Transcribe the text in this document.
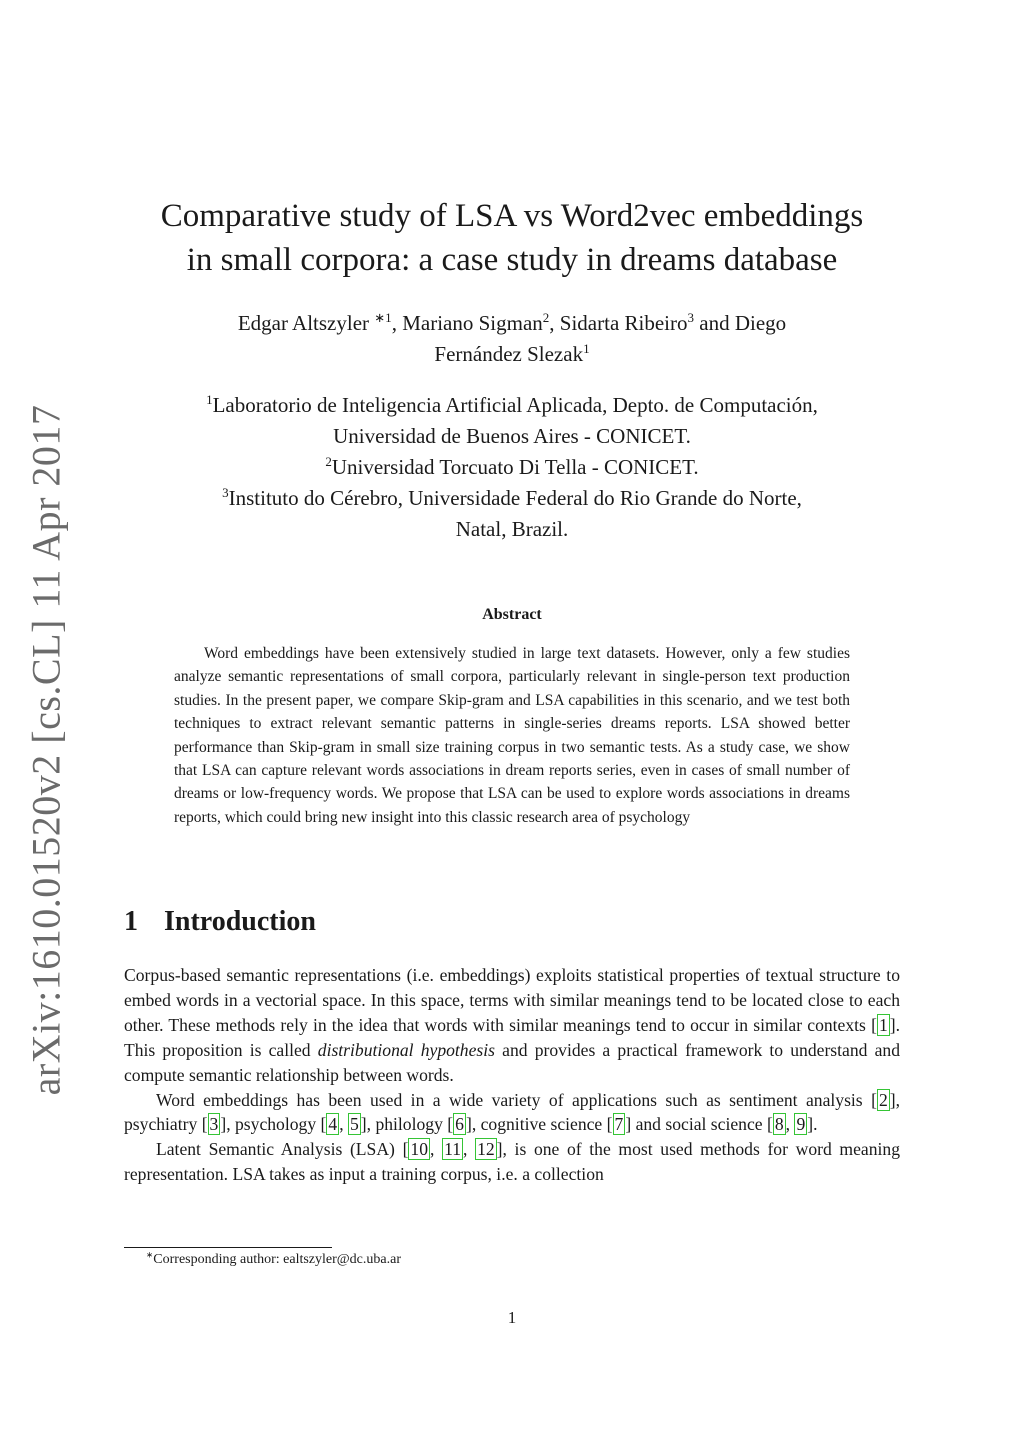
arXiv:1610.01520v2 [cs.CL] 11 Apr 2017
Comparative study of LSA vs Word2vec embeddings
in small corpora: a case study in dreams database
Edgar Altszyler $^{∗1}$, Mariano Sigman$^2$, Sidarta Ribeiro$^3$ and Diego
Fernández Slezak$^1$
$^1$Laboratorio de Inteligencia Artificial Aplicada, Depto. de Computación,
Universidad de Buenos Aires - CONICET.
$^2$Universidad Torcuato Di Tella - CONICET.
$^3$Instituto do Cérebro, Universidade Federal do Rio Grande do Norte,
Natal, Brazil.
Abstract

Word embeddings have been extensively studied in large text datasets. However, only a few studies analyze semantic representations of small corpora, particularly relevant in single-person text production studies. In the present paper, we compare Skip-gram and LSA capabilities in this scenario, and we test both techniques to extract relevant semantic patterns in single-series dreams reports. LSA showed better performance than Skip-gram in small size training corpus in two semantic tests. As a study case, we show that LSA can capture relevant words associations in dream reports series, even in cases of small number of dreams or low-frequency words. We propose that LSA can be used to explore words associations in dreams reports, which could bring new insight into this classic research area of psychology

1 Introduction

Corpus-based semantic representations (i.e. embeddings) exploits statistical properties of textual structure to embed words in a vectorial space. In this space, terms with similar meanings tend to be located close to each other. These methods rely in the idea that words with similar meanings tend to occur in similar contexts [ 1 ]. This proposition is called distributional hypothesis and provides a practical framework to understand and compute semantic relationship between words.

Word embeddings has been used in a wide variety of applications such as sentiment analysis [ 2 ], psychiatry [ 3 ], psychology [ 4 , 5 ], philology [ 6 ], cognitive science [ 7 ] and social science [ 8 , 9 ].

Latent Semantic Analysis (LSA) [ 10 , 11 , 12 ], is one of the most used methods for word meaning representation. LSA takes as input a training corpus, i.e. a collection

∗Corresponding author: ealtszyler@dc.uba.ar
1
